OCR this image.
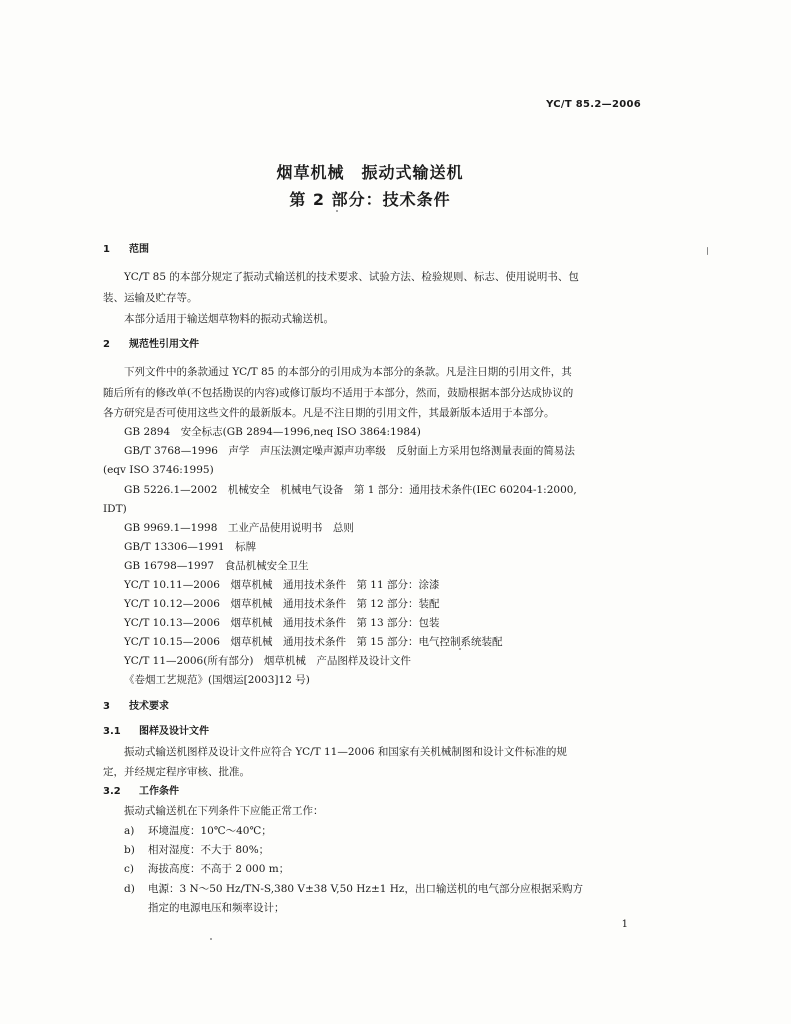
YC/T 85.2—2006
烟草机械　振动式输送机
第 2 部分：技术条件
1 范围
YC/T 85 的本部分规定了振动式输送机的技术要求、试验方法、检验规则、标志、使用说明书、包
装、运输及贮存等。
本部分适用于输送烟草物料的振动式输送机。
2 规范性引用文件
下列文件中的条款通过 YC/T 85 的本部分的引用成为本部分的条款。凡是注日期的引用文件，其
随后所有的修改单(不包括勘误的内容)或修订版均不适用于本部分，然而，鼓励根据本部分达成协议的
各方研究是否可使用这些文件的最新版本。凡是不注日期的引用文件，其最新版本适用于本部分。
GB 2894　安全标志(GB 2894—1996,neq ISO 3864:1984)
GB/T 3768—1996　声学　声压法测定噪声源声功率级　反射面上方采用包络测量表面的简易法
(eqv ISO 3746:1995)
GB 5226.1—2002　机械安全　机械电气设备　第 1 部分：通用技术条件(IEC 60204-1:2000,
IDT)
GB 9969.1—1998　工业产品使用说明书　总则
GB/T 13306—1991　标牌
GB 16798—1997　食品机械安全卫生
YC/T 10.11—2006　烟草机械　通用技术条件　第 11 部分：涂漆
YC/T 10.12—2006　烟草机械　通用技术条件　第 12 部分：装配
YC/T 10.13—2006　烟草机械　通用技术条件　第 13 部分：包装
YC/T 10.15—2006　烟草机械　通用技术条件　第 15 部分：电气控制系统装配
YC/T 11—2006(所有部分)　烟草机械　产品图样及设计文件
《卷烟工艺规范》(国烟运[2003]12 号)
3 技术要求
3.1 图样及设计文件
振动式输送机图样及设计文件应符合 YC/T 11—2006 和国家有关机械制图和设计文件标准的规
定，并经规定程序审核、批准。
3.2 工作条件
振动式输送机在下列条件下应能正常工作：
a) 环境温度：10℃～40℃；
b) 相对湿度：不大于 80%；
c) 海拔高度：不高于 2 000 m；
d) 电源：3 N～50 Hz/TN-S,380 V±38 V,50 Hz±1 Hz，出口输送机的电气部分应根据采购方
指定的电源电压和频率设计；
1
